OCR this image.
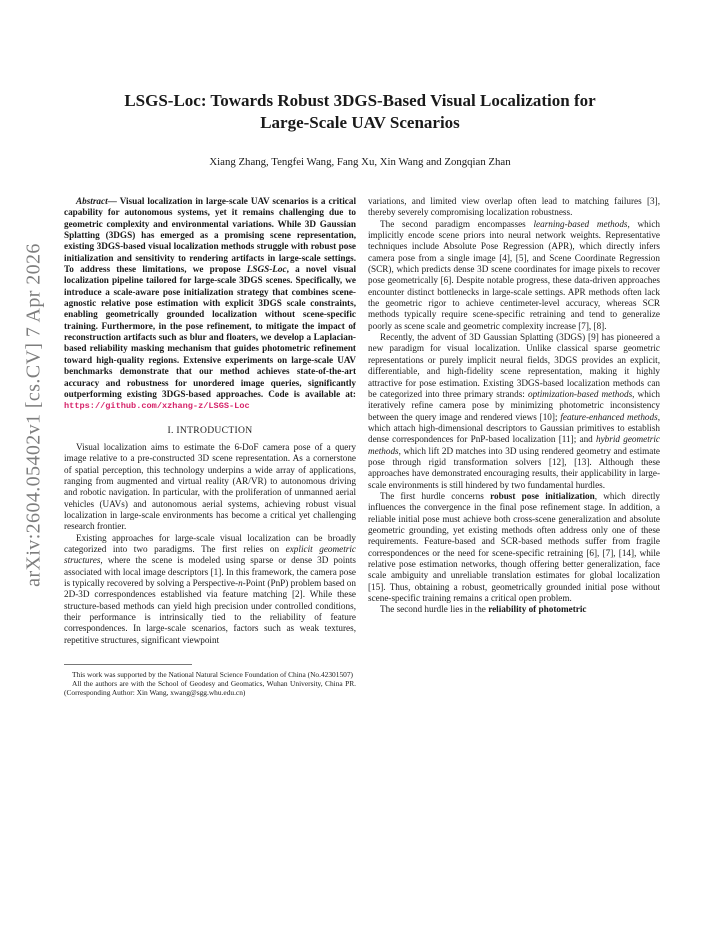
arXiv:2604.05402v1 [cs.CV] 7 Apr 2026
LSGS-Loc: Towards Robust 3DGS-Based Visual Localization for
Large-Scale UAV Scenarios
Xiang Zhang, Tengfei Wang, Fang Xu, Xin Wang and Zongqian Zhan

Abstract— Visual localization in large-scale UAV scenarios is a critical capability for autonomous systems, yet it remains challenging due to geometric complexity and environmental variations. While 3D Gaussian Splatting (3DGS) has emerged as a promising scene representation, existing 3DGS-based visual localization methods struggle with robust pose initialization and sensitivity to rendering artifacts in large-scale settings. To address these limitations, we propose LSGS-Loc, a novel visual localization pipeline tailored for large-scale 3DGS scenes. Specifically, we introduce a scale-aware pose initialization strategy that combines scene-agnostic relative pose estimation with explicit 3DGS scale constraints, enabling geometrically grounded localization without scene-specific training. Furthermore, in the pose refinement, to mitigate the impact of reconstruction artifacts such as blur and floaters, we develop a Laplacian-based reliability masking mechanism that guides photometric refinement toward high-quality regions. Extensive experiments on large-scale UAV benchmarks demonstrate that our method achieves state-of-the-art accuracy and robustness for unordered image queries, significantly outperforming existing 3DGS-based approaches. Code is available at: https://github.com/xzhang-z/LSGS-Loc

I. INTRODUCTION

Visual localization aims to estimate the 6-DoF camera pose of a query image relative to a pre-constructed 3D scene representation. As a cornerstone of spatial perception, this technology underpins a wide array of applications, ranging from augmented and virtual reality (AR/VR) to autonomous driving and robotic navigation. In particular, with the proliferation of unmanned aerial vehicles (UAVs) and autonomous aerial systems, achieving robust visual localization in large-scale environments has become a critical yet challenging research frontier.

Existing approaches for large-scale visual localization can be broadly categorized into two paradigms. The first relies on explicit geometric structures, where the scene is modeled using sparse or dense 3D points associated with local image descriptors [1]. In this framework, the camera pose is typically recovered by solving a Perspective-n-Point (PnP) problem based on 2D-3D correspondences established via feature matching [2]. While these structure-based methods can yield high precision under controlled conditions, their performance is intrinsically tied to the reliability of feature correspondences. In large-scale scenarios, factors such as weak textures, repetitive structures, significant viewpoint

This work was supported by the National Natural Science Foundation of China (No.42301507)

All the authors are with the School of Geodesy and Geomatics, Wuhan University, China PR. (Corresponding Author: Xin Wang, xwang@sgg.whu.edu.cn)

variations, and limited view overlap often lead to matching failures [3], thereby severely compromising localization robustness.

The second paradigm encompasses learning-based methods, which implicitly encode scene priors into neural network weights. Representative techniques include Absolute Pose Regression (APR), which directly infers camera pose from a single image [4], [5], and Scene Coordinate Regression (SCR), which predicts dense 3D scene coordinates for image pixels to recover pose geometrically [6]. Despite notable progress, these data-driven approaches encounter distinct bottlenecks in large-scale settings. APR methods often lack the geometric rigor to achieve centimeter-level accuracy, whereas SCR methods typically require scene-specific retraining and tend to generalize poorly as scene scale and geometric complexity increase [7], [8].

Recently, the advent of 3D Gaussian Splatting (3DGS) [9] has pioneered a new paradigm for visual localization. Unlike classical sparse geometric representations or purely implicit neural fields, 3DGS provides an explicit, differentiable, and high-fidelity scene representation, making it highly attractive for pose estimation. Existing 3DGS-based localization methods can be categorized into three primary strands: optimization-based methods, which iteratively refine camera pose by minimizing photometric inconsistency between the query image and rendered views [10]; feature-enhanced methods, which attach high-dimensional descriptors to Gaussian primitives to establish dense correspondences for PnP-based localization [11]; and hybrid geometric methods, which lift 2D matches into 3D using rendered geometry and estimate pose through rigid transformation solvers [12], [13]. Although these approaches have demonstrated encouraging results, their applicability in large-scale environments is still hindered by two fundamental hurdles.

The first hurdle concerns robust pose initialization, which directly influences the convergence in the final pose refinement stage. In addition, a reliable initial pose must achieve both cross-scene generalization and absolute geometric grounding, yet existing methods often address only one of these requirements. Feature-based and SCR-based methods suffer from fragile correspondences or the need for scene-specific retraining [6], [7], [14], while relative pose estimation networks, though offering better generalization, face scale ambiguity and unreliable translation estimates for global localization [15]. Thus, obtaining a robust, geometrically grounded initial pose without scene-specific training remains a critical open problem.

The second hurdle lies in the reliability of photometric
